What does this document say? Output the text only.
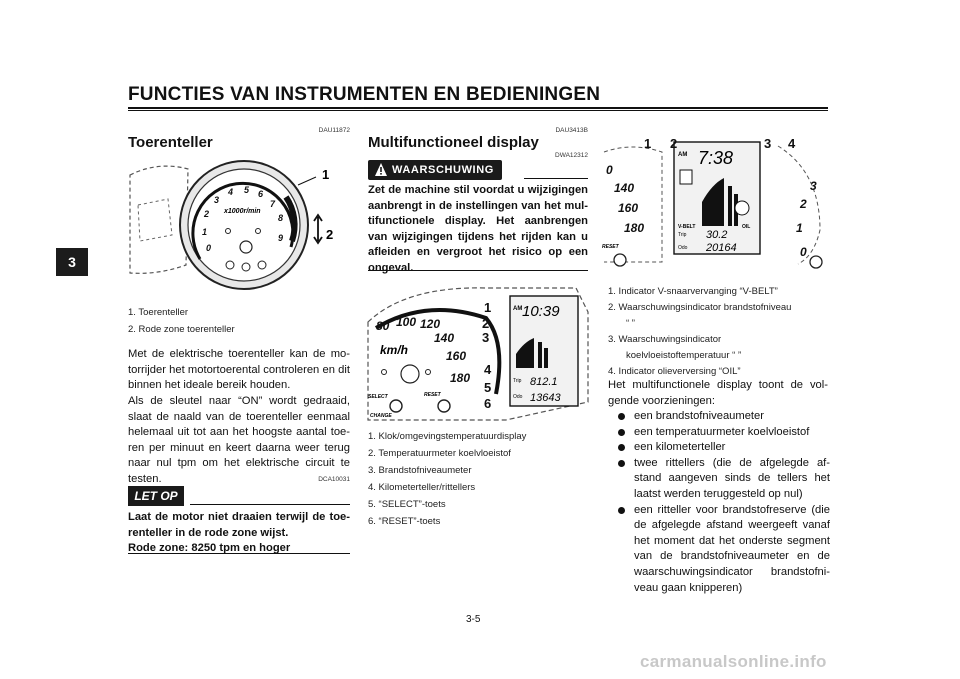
FUNCTIES VAN INSTRUMENTEN EN BEDIENINGEN
3
DAU11872
Toerenteller
1
2
0
1
2
3
4 5 6
7
8
9
x1000r/min
1. Toerenteller
2. Rode zone toerenteller
Met de elektrische toerenteller kan de mo-torrijder het motortoerental controleren en dit binnen het ideale bereik houden.
Als de sleutel naar “ON” wordt gedraaid, slaat de naald van de toerenteller eenmaal helemaal uit tot aan het hoogste aantal toe-ren per minuut en keert daarna weer terug naar nul tpm om het elektrische circuit te testen.	DCA10031
LET OP
Laat de motor niet draaien terwijl de toe-renteller in de rode zone wijst.
Rode zone: 8250 tpm en hoger
DAU3413B
Multifunctioneel display
DWA12312
WAARSCHUWING
Zet de machine stil voordat u wijzigingen aanbrengt in de instellingen van het mul-tifunctionele display. Het aanbrengen van wijzigingen tijdens het rijden kan u afleiden en vergroot het risico op een ongeval.
80 100 120
140
160
180
km/h
AM 10:39
Trip 812.1
Odo 13643
1
2
3
4
5
6
SELECT	RESET
CHANGE
1. Klok/omgevingstemperatuurdisplay
2. Temperatuurmeter koelvloeistof
3. Brandstofniveaumeter
4. Kilometerteller/rittellers
5. “SELECT”-toets
6. “RESET”-toets
0
140
160
180
RESET
AM 7:38
V-BELT	OIL
Trip 30.2
Odo 20164
3
2
1
0
1 2	3 4
1. Indicator V-snaarvervanging “V-BELT”
2. Waarschuwingsindicator brandstofniveau
“ ”
3. Waarschuwingsindicator
koelvloeistoftemperatuur “ ”
4. Indicator olieverversing “OIL”
Het multifunctionele display toont de vol-gende voorzieningen:
een brandstofniveaumeter
een temperatuurmeter koelvloeistof
een kilometerteller
twee rittellers (die de afgelegde af-stand aangeven sinds de tellers het laatst werden teruggesteld op nul)
een ritteller voor brandstofreserve (die de afgelegde afstand weergeeft vanaf het moment dat het onderste segment van de brandstofniveaumeter en de waarschuwingsindicator brandstofni-veau gaan knipperen)
3-5
carmanualsonline.info
